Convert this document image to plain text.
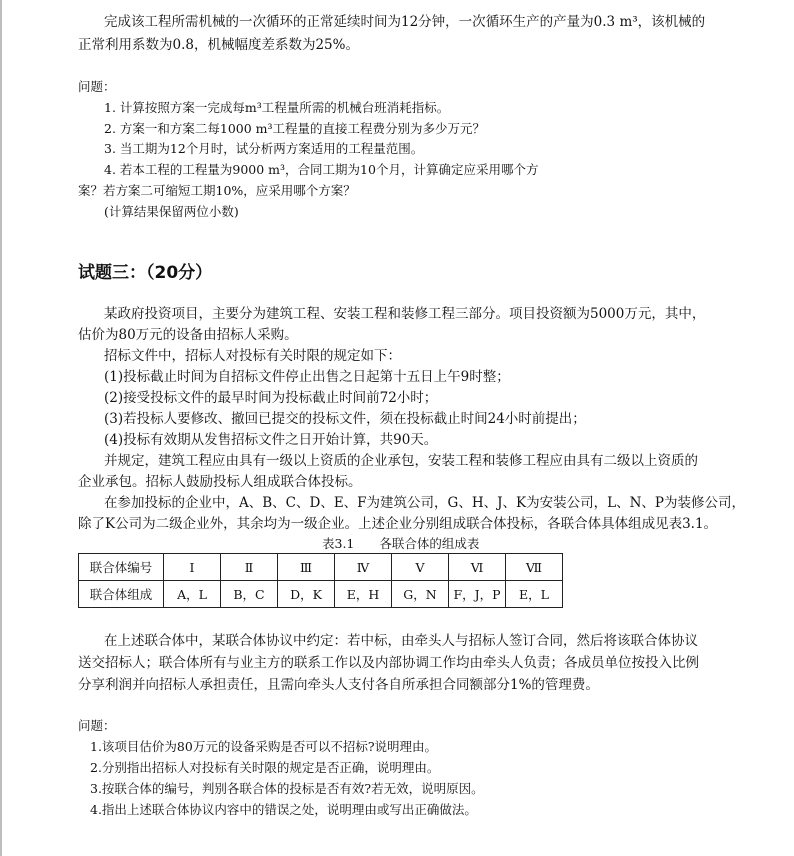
完成该工程所需机械的一次循环的正常延续时间为12分钟，一次循环生产的产量为0.3 m³，该机械的
正常利用系数为0.8，机械幅度差系数为25%。
问题：
1. 计算按照方案一完成每m³工程量所需的机械台班消耗指标。
2. 方案一和方案二每1000 m³工程量的直接工程费分别为多少万元？
3. 当工期为12个月时，试分析两方案适用的工程量范围。
4. 若本工程的工程量为9000 m³，合同工期为10个月，计算确定应采用哪个方
案？若方案二可缩短工期10%，应采用哪个方案？
(计算结果保留两位小数)
试题三：（20分）
某政府投资项目，主要分为建筑工程、安装工程和装修工程三部分。项目投资额为5000万元，其中，
估价为80万元的设备由招标人采购。
招标文件中，招标人对投标有关时限的规定如下：
(1)投标截止时间为自招标文件停止出售之日起第十五日上午9时整；
(2)接受投标文件的最早时间为投标截止时间前72小时；
(3)若投标人要修改、撤回已提交的投标文件，须在投标截止时间24小时前提出；
(4)投标有效期从发售招标文件之日开始计算，共90天。
并规定，建筑工程应由具有一级以上资质的企业承包，安装工程和装修工程应由具有二级以上资质的
企业承包。招标人鼓励投标人组成联合体投标。
在参加投标的企业中，A、B、C、D、E、F为建筑公司，G、H、J、K为安装公司，L、N、P为装修公司，
除了K公司为二级企业外，其余均为一级企业。上述企业分别组成联合体投标，各联合体具体组成见表3.1。
表3.1　　各联合体的组成表
联合体编号	Ⅰ	Ⅱ	Ⅲ	Ⅳ	Ⅴ	Ⅵ	Ⅶ
联合体组成	A，L	B，C	D，K	E，H	G，N	F，J，P	E，L
在上述联合体中，某联合体协议中约定：若中标，由牵头人与招标人签订合同，然后将该联合体协议
送交招标人；联合体所有与业主方的联系工作以及内部协调工作均由牵头人负责；各成员单位按投入比例
分享利润并向招标人承担责任，且需向牵头人支付各自所承担合同额部分1%的管理费。
问题：
1.该项目估价为80万元的设备采购是否可以不招标?说明理由。
2.分别指出招标人对投标有关时限的规定是否正确，说明理由。
3.按联合体的编号，判别各联合体的投标是否有效?若无效，说明原因。
4.指出上述联合体协议内容中的错误之处，说明理由或写出正确做法。
